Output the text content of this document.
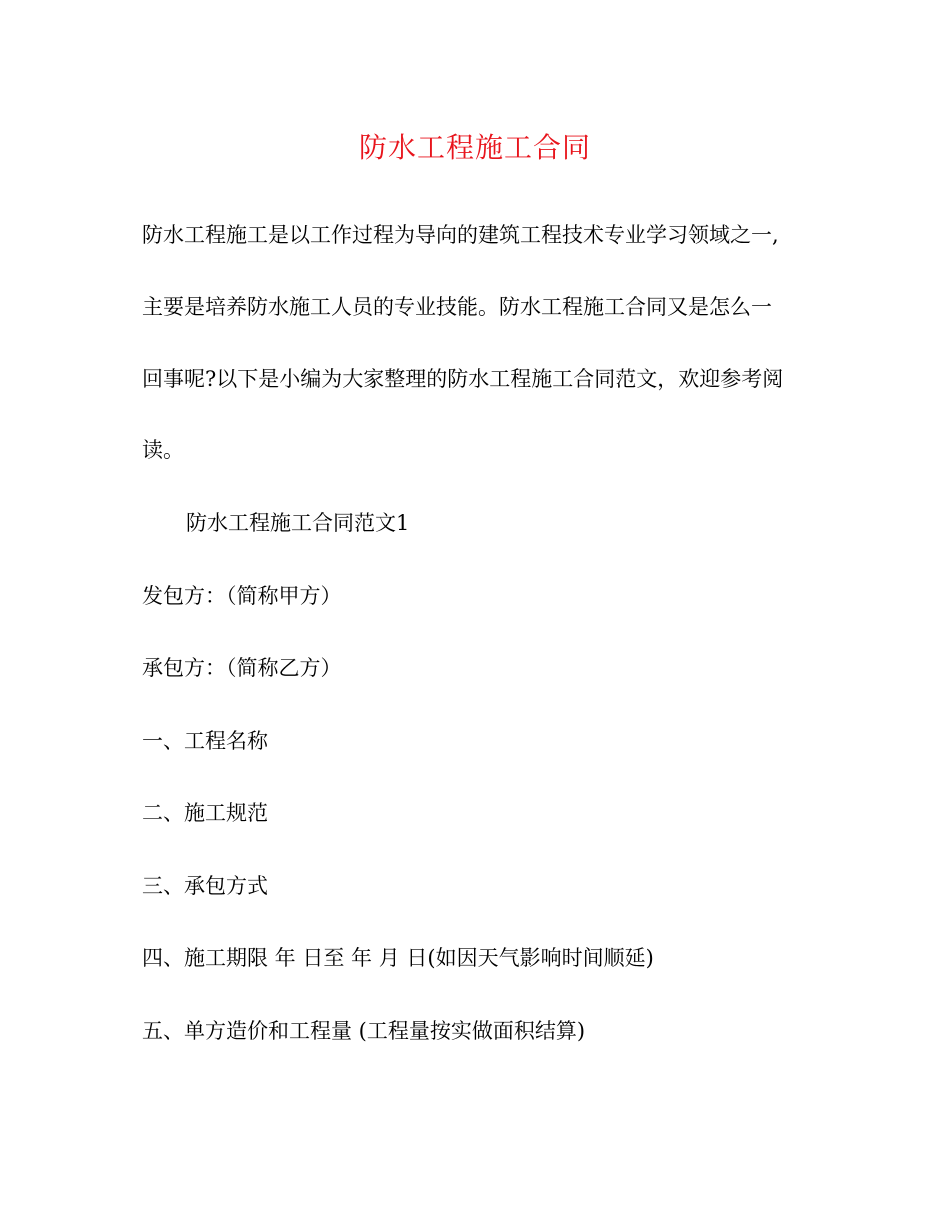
防水工程施工合同
防水工程施工是以工作过程为导向的建筑工程技术专业学习领域之一,
主要是培养防水施工人员的专业技能。防水工程施工合同又是怎么一
回事呢?以下是小编为大家整理的防水工程施工合同范文，欢迎参考阅
读。
防水工程施工合同范文1
发包方：（简称甲方）
承包方：（简称乙方）
一、工程名称
二、施工规范
三、承包方式
四、施工期限 年 日至 年 月 日(如因天气影响时间顺延)
五、单方造价和工程量 (工程量按实做面积结算)
